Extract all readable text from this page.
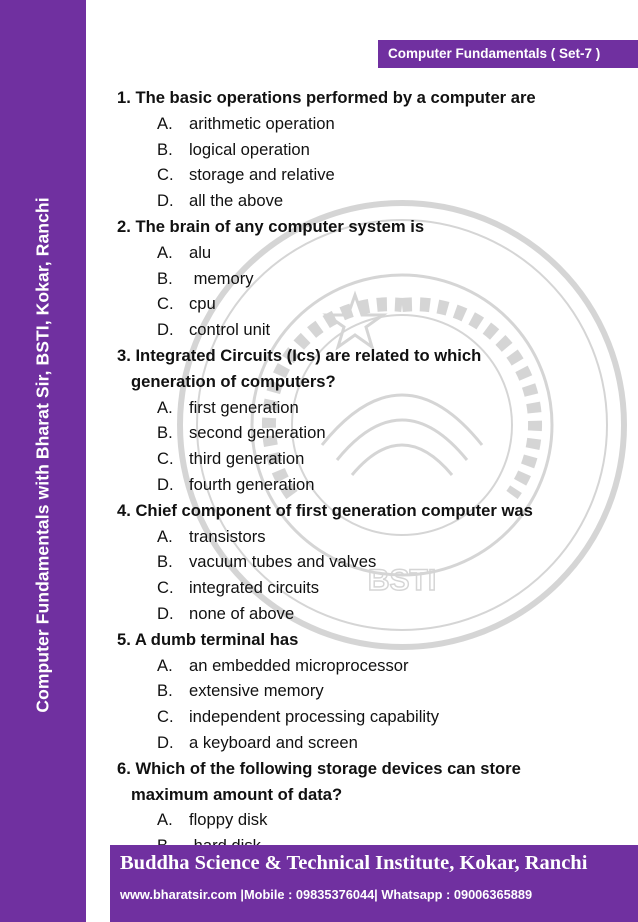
Computer Fundamentals with Bharat Sir, BSTI, Kokar, Ranchi
Computer Fundamentals ( Set-7 )
BSTI
1. The basic operations performed by a computer are
A. arithmetic operation
B. logical operation
C. storage and relative
D. all the above
2. The brain of any computer system is
A. alu
B. memory
C. cpu
D. control unit
3. Integrated Circuits (Ics) are related to which
generation of computers?
A. first generation
B. second generation
C. third generation
D. fourth generation
4. Chief component of first generation computer was
A. transistors
B. vacuum tubes and valves
C. integrated circuits
D. none of above
5. A dumb terminal has
A. an embedded microprocessor
B. extensive memory
C. independent processing capability
D. a keyboard and screen
6. Which of the following storage devices can store
maximum amount of data?
A. floppy disk
Buddha Science & Technical Institute, Kokar, Ranchi
www.bharatsir.com |Mobile : 09835376044| Whatsapp : 09006365889
